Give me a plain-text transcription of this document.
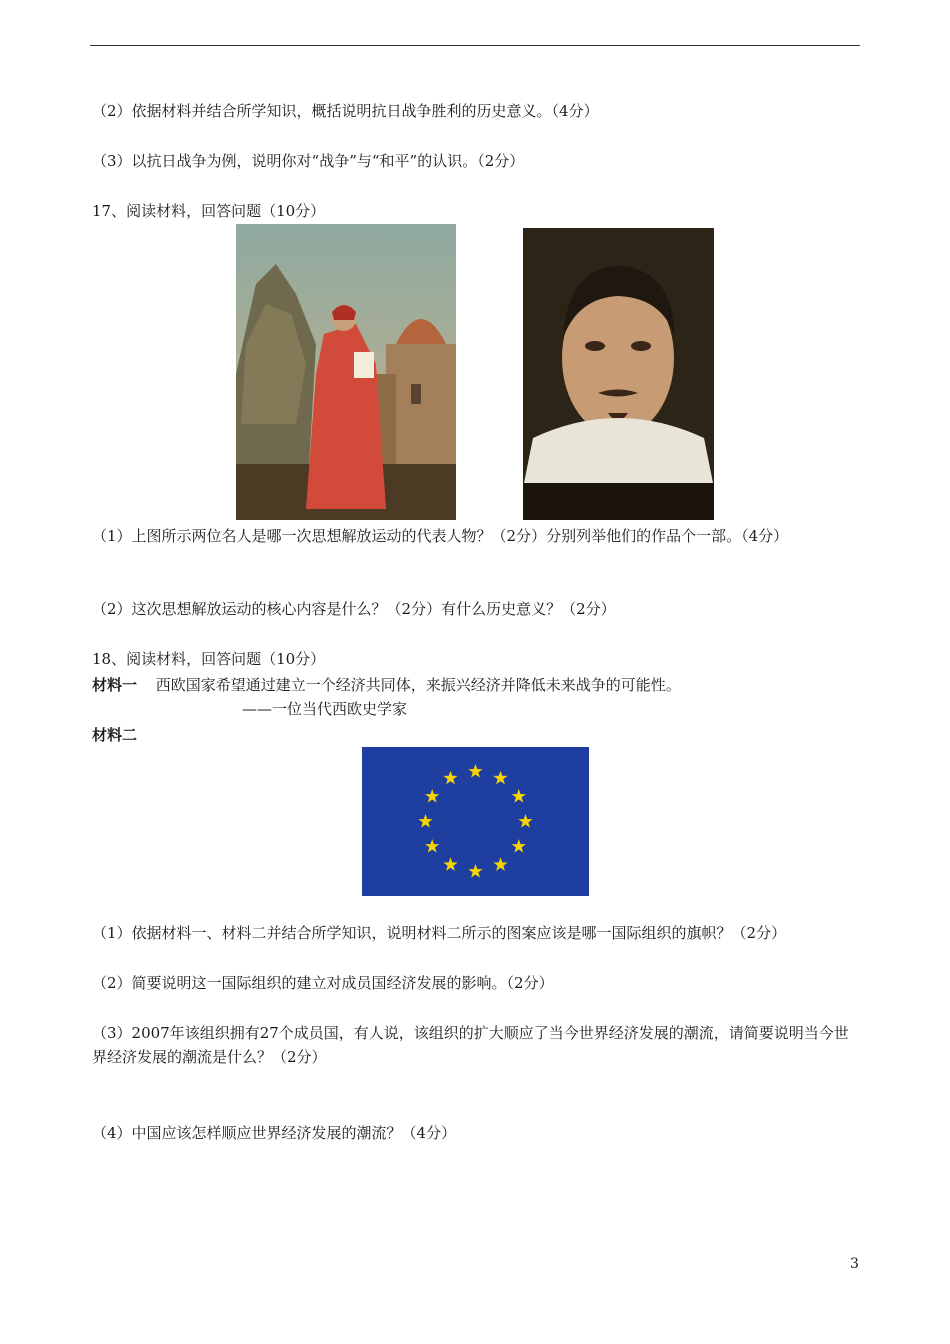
（2）依据材料并结合所学知识，概括说明抗日战争胜利的历史意义。（4分）
（3）以抗日战争为例，说明你对“战争”与“和平”的认识。（2分）
17、阅读材料，回答问题（10分）
（1）上图所示两位名人是哪一次思想解放运动的代表人物？（2分）分别列举他们的作品个一部。（4分）
（2）这次思想解放运动的核心内容是什么？（2分）有什么历史意义？（2分）
18、阅读材料，回答问题（10分）
材料一 西欧国家希望通过建立一个经济共同体，来振兴经济并降低未来战争的可能性。
——一位当代西欧史学家
材料二
（1）依据材料一、材料二并结合所学知识，说明材料二所示的图案应该是哪一国际组织的旗帜？（2分）
（2）简要说明这一国际组织的建立对成员国经济发展的影响。（2分）
（3）2007年该组织拥有27个成员国，有人说，该组织的扩大顺应了当今世界经济发展的潮流，请简要说明当今世界经济发展的潮流是什么？（2分）
（4）中国应该怎样顺应世界经济发展的潮流？（4分）
3
